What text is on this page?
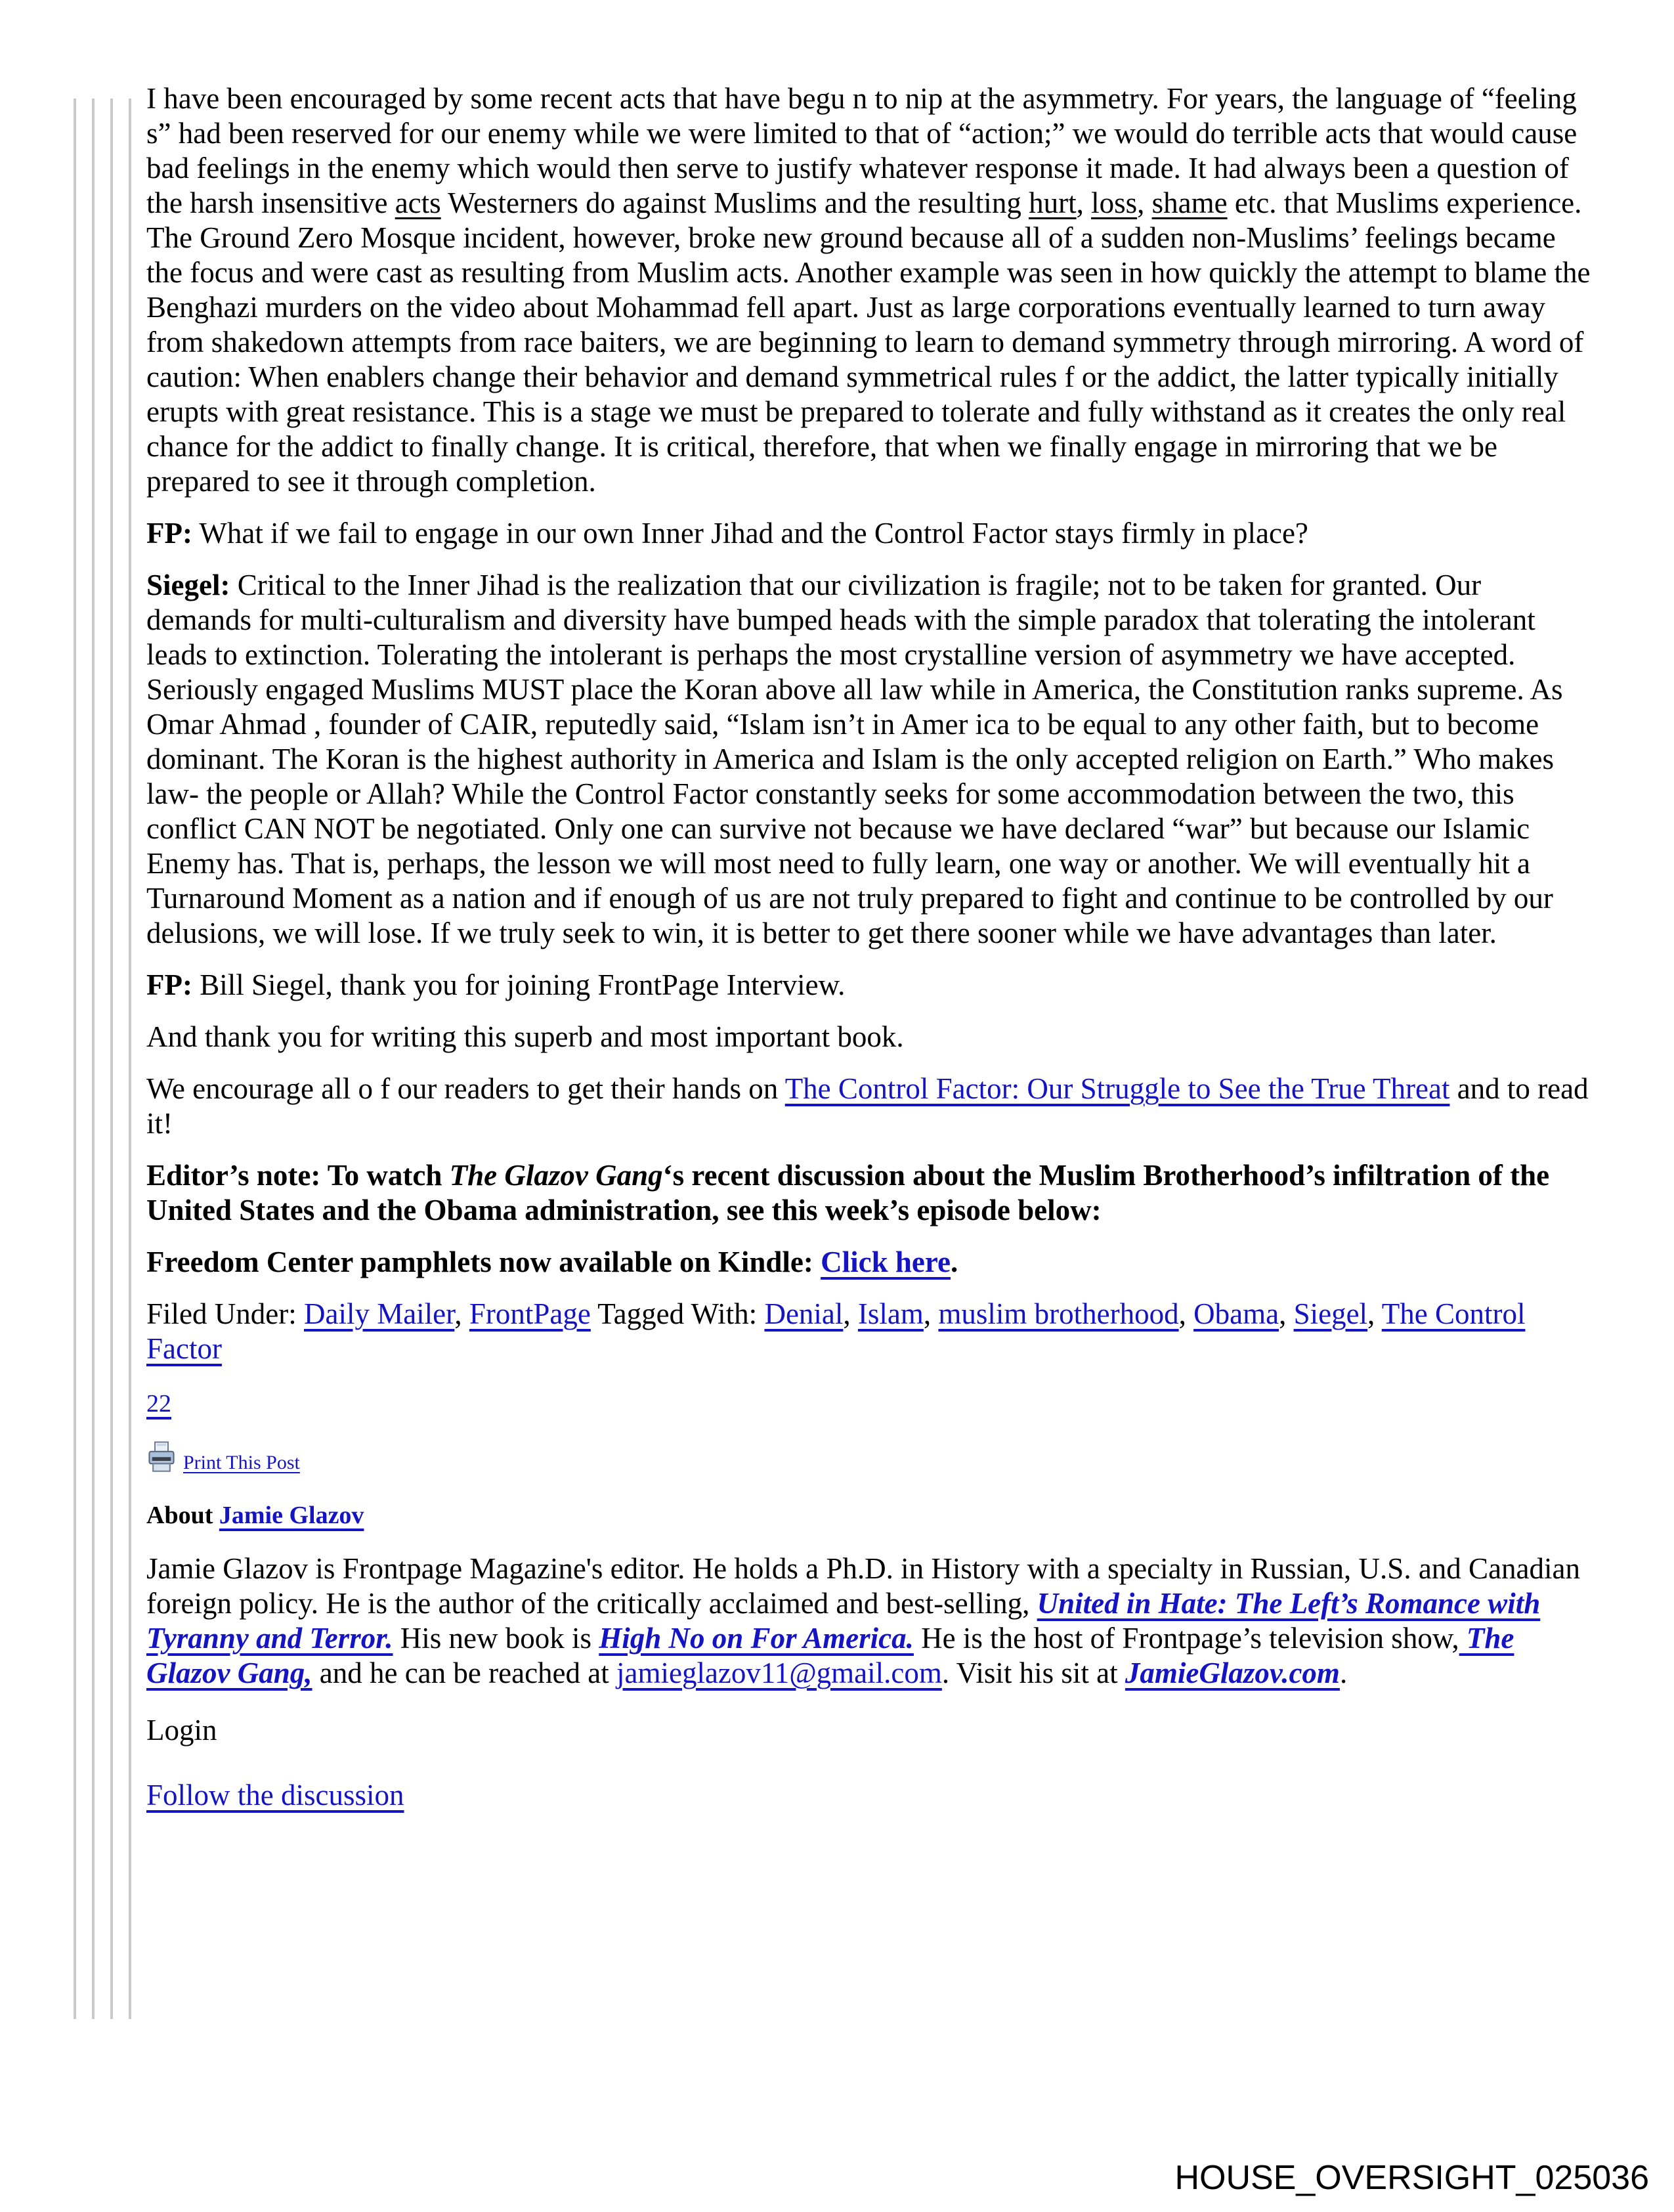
I have been encouraged by some recent acts that have begu n to nip at the asymmetry. For years, the language of “feeling s” had been reserved for our enemy while we were limited to that of “action;” we would do terrible acts that would cause bad feelings in the enemy which would then serve to justify whatever response it made. It had always been a question of the harsh insensitive acts Westerners do against Muslims and the resulting hurt, loss, shame etc. that Muslims experience. The Ground Zero Mosque incident, however, broke new ground because all of a sudden non-Muslims’ feelings became the focus and were cast as resulting from Muslim acts. Another example was seen in how quickly the attempt to blame the Benghazi murders on the video about Mohammad fell apart. Just as large corporations eventually learned to turn away from shakedown attempts from race baiters, we are beginning to learn to demand symmetry through mirroring. A word of caution: When enablers change their behavior and demand symmetrical rules f or the addict, the latter typically initially erupts with great resistance. This is a stage we must be prepared to tolerate and fully withstand as it creates the only real chance for the addict to finally change. It is critical, therefore, that when we finally engage in mirroring that we be prepared to see it through completion.

FP: What if we fail to engage in our own Inner Jihad and the Control Factor stays firmly in place?

Siegel: Critical to the Inner Jihad is the realization that our civilization is fragile; not to be taken for granted. Our demands for multi-culturalism and diversity have bumped heads with the simple paradox that tolerating the intolerant leads to extinction. Tolerating the intolerant is perhaps the most crystalline version of asymmetry we have accepted. Seriously engaged Muslims MUST place the Koran above all law while in America, the Constitution ranks supreme. As Omar Ahmad , founder of CAIR, reputedly said, “Islam isn’t in Amer ica to be equal to any other faith, but to become dominant. The Koran is the highest authority in America and Islam is the only accepted religion on Earth.” Who makes law- the people or Allah? While the Control Factor constantly seeks for some accommodation between the two, this conflict CAN NOT be negotiated. Only one can survive not because we have declared “war” but because our Islamic Enemy has. That is, perhaps, the lesson we will most need to fully learn, one way or another. We will eventually hit a Turnaround Moment as a nation and if enough of us are not truly prepared to fight and continue to be controlled by our delusions, we will lose. If we truly seek to win, it is better to get there sooner while we have advantages than later.

FP: Bill Siegel, thank you for joining FrontPage Interview.

And thank you for writing this superb and most important book.

We encourage all o f our readers to get their hands on The Control Factor: Our Struggle to See the True Threat and to read it!

Editor’s note: To watch The Glazov Gang‘s recent discussion about the Muslim Brotherhood’s infiltration of the United States and the Obama administration, see this week’s episode below:

Freedom Center pamphlets now available on Kindle: Click here.

Filed Under: Daily Mailer, FrontPage Tagged With: Denial, Islam, muslim brotherhood, Obama, Siegel, The Control Factor

22

Print This Post

About Jamie Glazov

Jamie Glazov is Frontpage Magazine's editor. He holds a Ph.D. in History with a specialty in Russian, U.S. and Canadian foreign policy. He is the author of the critically acclaimed and best-selling, United in Hate: The Left’s Romance with Tyranny and Terror. His new book is High No on For America. He is the host of Frontpage’s television show, The Glazov Gang, and he can be reached at jamieglazov11@gmail.com. Visit his sit at JamieGlazov.com.

Login

Follow the discussion

HOUSE_OVERSIGHT_025036
